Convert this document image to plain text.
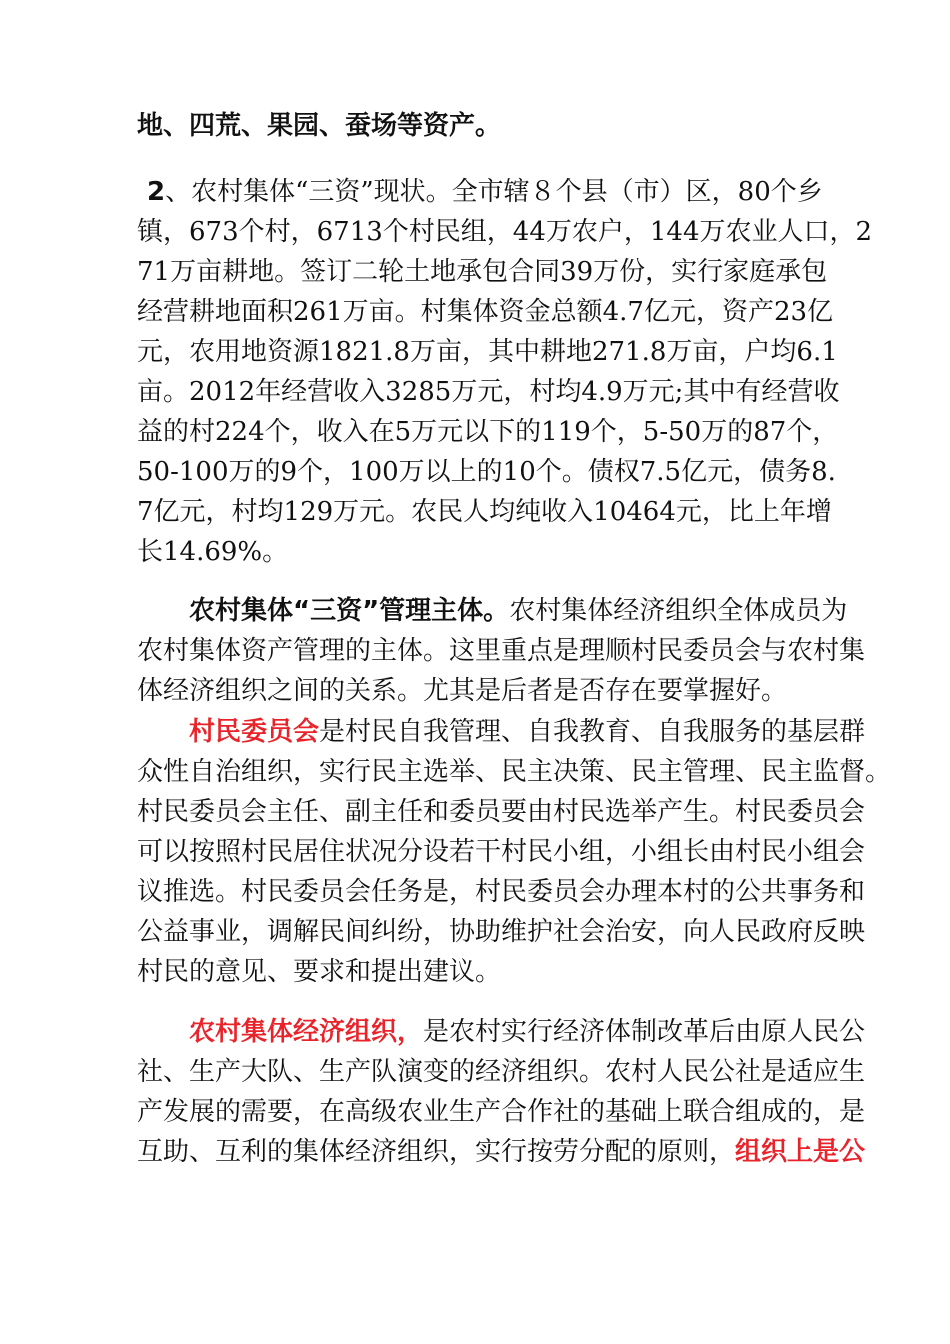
地、四荒、果园、蚕场等资产。
2、农村集体“三资”现状。全市辖８个县（市）区，80个乡
镇，673个村，6713个村民组，44万农户，144万农业人口，2
71万亩耕地。签订二轮土地承包合同39万份，实行家庭承包
经营耕地面积261万亩。村集体资金总额4.7亿元，资产23亿
元，农用地资源1821.8万亩，其中耕地271.8万亩，户均6.1
亩。2012年经营收入3285万元，村均4.9万元;其中有经营收
益的村224个，收入在5万元以下的119个，5-50万的87个，
50-100万的9个，100万以上的10个。债权7.5亿元，债务8.
7亿元，村均129万元。农民人均纯收入10464元，比上年增
长14.69%。
农村集体“三资”管理主体。农村集体经济组织全体成员为
农村集体资产管理的主体。这里重点是理顺村民委员会与农村集
体经济组织之间的关系。尤其是后者是否存在要掌握好。
村民委员会是村民自我管理、自我教育、自我服务的基层群
众性自治组织，实行民主选举、民主决策、民主管理、民主监督。
村民委员会主任、副主任和委员要由村民选举产生。村民委员会
可以按照村民居住状况分设若干村民小组，小组长由村民小组会
议推选。村民委员会任务是，村民委员会办理本村的公共事务和
公益事业，调解民间纠纷，协助维护社会治安，向人民政府反映
村民的意见、要求和提出建议。
农村集体经济组织，是农村实行经济体制改革后由原人民公
社、生产大队、生产队演变的经济组织。农村人民公社是适应生
产发展的需要，在高级农业生产合作社的基础上联合组成的，是
互助、互利的集体经济组织，实行按劳分配的原则，组织上是公
